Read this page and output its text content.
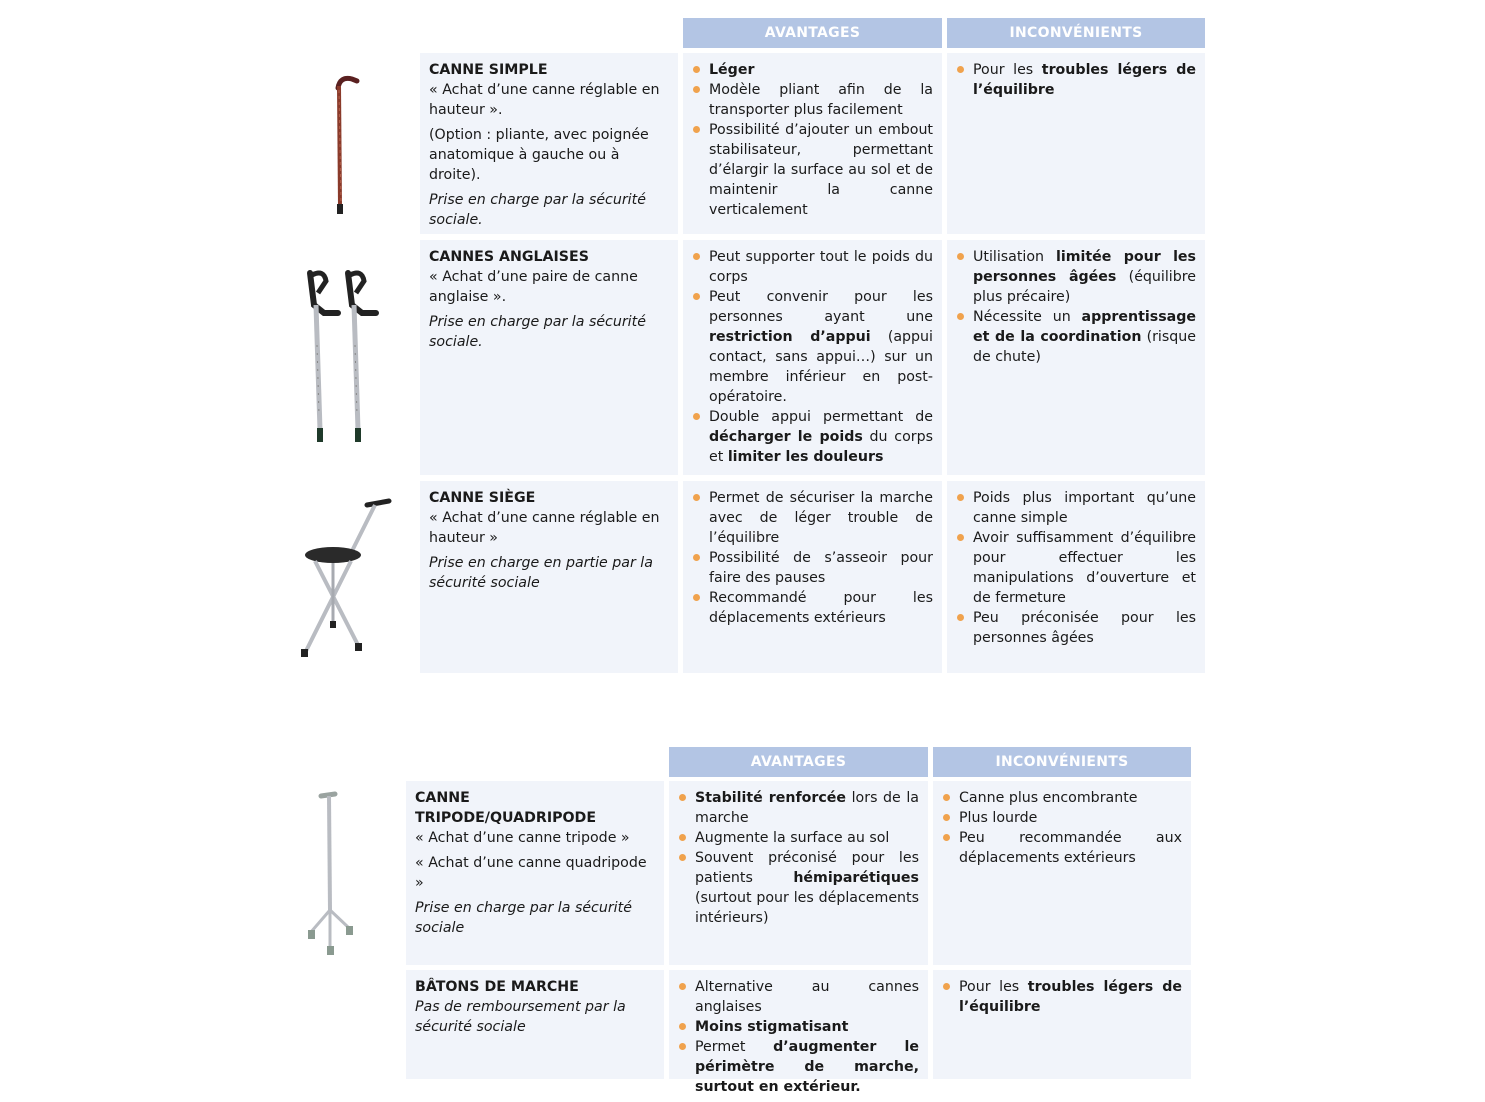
AVANTAGES	INCONVÉNIENTS
CANNE SIMPLE

« Achat d’une canne réglable en hauteur ».

(Option : pliante, avec poignée anatomique à gauche ou à droite).

Prise en charge par la sécurité sociale.

Léger
Modèle pliant afin de la transporter plus facilement
Possibilité d’ajouter un embout stabilisateur, permettant d’élargir la surface au sol et de maintenir la canne verticalement
Pour les troubles légers de l’équilibre
CANNES ANGLAISES

« Achat d’une paire de canne anglaise ».

Prise en charge par la sécurité sociale.

Peut supporter tout le poids du corps
Peut convenir pour les personnes ayant une restriction d’appui (appui contact, sans appui…) sur un membre inférieur en post-opératoire.
Double appui permettant de décharger le poids du corps et limiter les douleurs
Utilisation limitée pour les personnes âgées (équilibre plus précaire)
Nécessite un apprentissage et de la coordination (risque de chute)
CANNE SIÈGE

« Achat d’une canne réglable en hauteur »

Prise en charge en partie par la sécurité sociale

Permet de sécuriser la marche avec de léger trouble de l’équilibre
Possibilité de s’asseoir pour faire des pauses
Recommandé pour les déplacements extérieurs
Poids plus important qu’une canne simple
Avoir suffisamment d’équilibre pour effectuer les manipulations d’ouverture et de fermeture
Peu préconisée pour les personnes âgées
AVANTAGES	INCONVÉNIENTS
CANNE TRIPODE/QUADRIPODE

« Achat d’une canne tripode »

« Achat d’une canne quadripode »

Prise en charge par la sécurité sociale

Stabilité renforcée lors de la marche
Augmente la surface au sol
Souvent préconisé pour les patients hémiparétiques (surtout pour les déplacements intérieurs)
Canne plus encombrante
Plus lourde
Peu recommandée aux déplacements extérieurs
BÂTONS DE MARCHE

Pas de remboursement par la sécurité sociale

Alternative au cannes anglaises
Moins stigmatisant
Permet d’augmenter le périmètre de marche, surtout en extérieur.
Pour les troubles légers de l’équilibre
